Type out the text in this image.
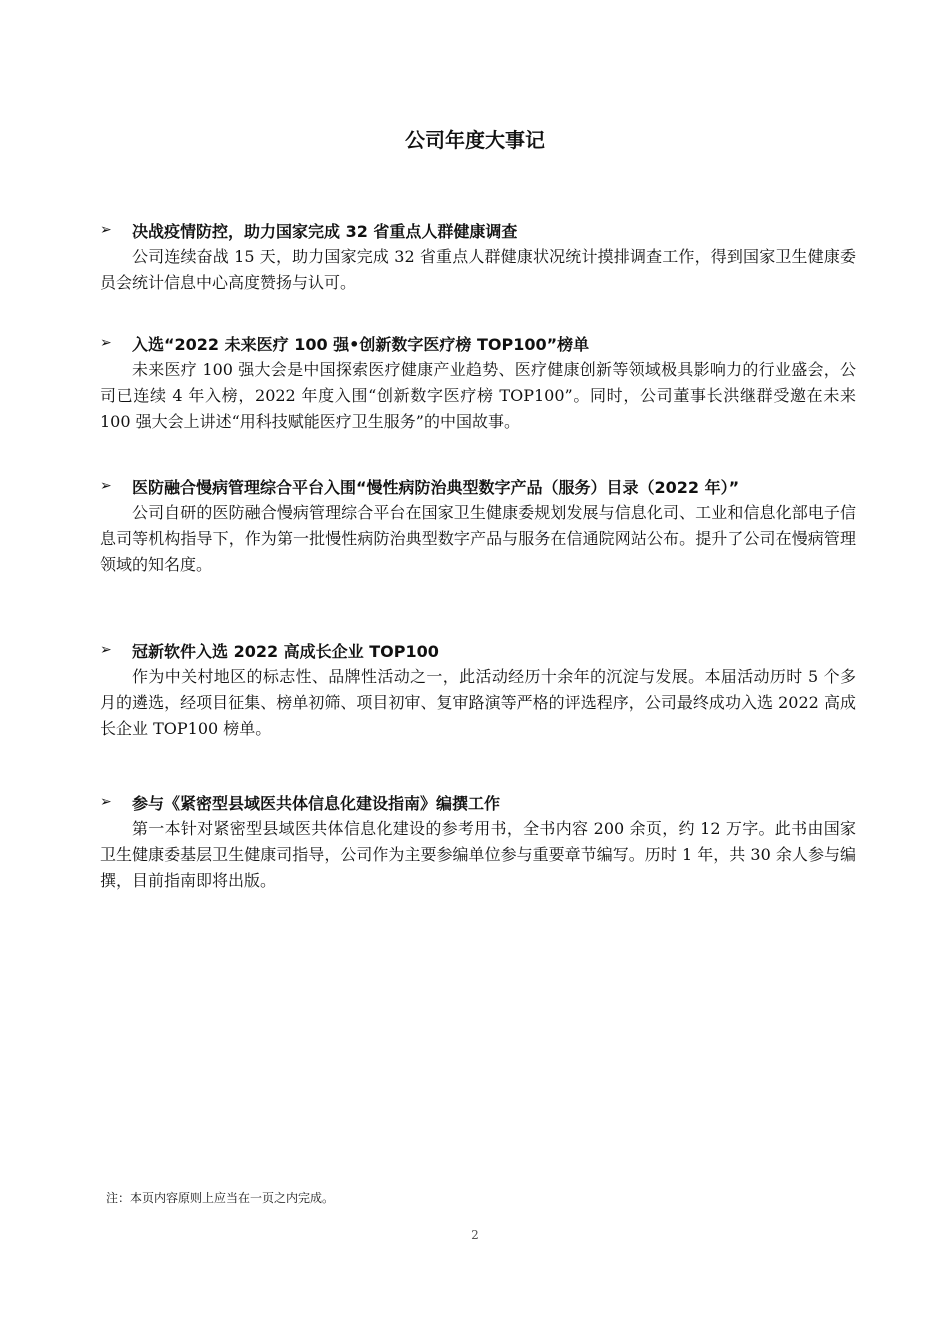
公司年度大事记
➢	决战疫情防控，助力国家完成 32 省重点人群健康调查

公司连续奋战 15 天，助力国家完成 32 省重点人群健康状况统计摸排调查工作，得到国家卫生健康委员会统计信息中心高度赞扬与认可。

➢	入选“2022 未来医疗 100 强•创新数字医疗榜 TOP100”榜单

未来医疗 100 强大会是中国探索医疗健康产业趋势、医疗健康创新等领域极具影响力的行业盛会，公司已连续 4 年入榜，2022 年度入围“创新数字医疗榜 TOP100”。同时，公司董事长洪继群受邀在未来 100 强大会上讲述“用科技赋能医疗卫生服务”的中国故事。

➢	医防融合慢病管理综合平台入围“慢性病防治典型数字产品（服务）目录（2022 年）”

公司自研的医防融合慢病管理综合平台在国家卫生健康委规划发展与信息化司、工业和信息化部电子信息司等机构指导下，作为第一批慢性病防治典型数字产品与服务在信通院网站公布。提升了公司在慢病管理领域的知名度。

➢	冠新软件入选 2022 高成长企业 TOP100

作为中关村地区的标志性、品牌性活动之一，此活动经历十余年的沉淀与发展。本届活动历时 5 个多月的遴选，经项目征集、榜单初筛、项目初审、复审路演等严格的评选程序，公司最终成功入选 2022 高成长企业 TOP100 榜单。

➢	参与《紧密型县域医共体信息化建设指南》编撰工作

第一本针对紧密型县域医共体信息化建设的参考用书，全书内容 200 余页，约 12 万字。此书由国家卫生健康委基层卫生健康司指导，公司作为主要参编单位参与重要章节编写。历时 1 年，共 30 余人参与编撰，目前指南即将出版。

注：本页内容原则上应当在一页之内完成。
2
